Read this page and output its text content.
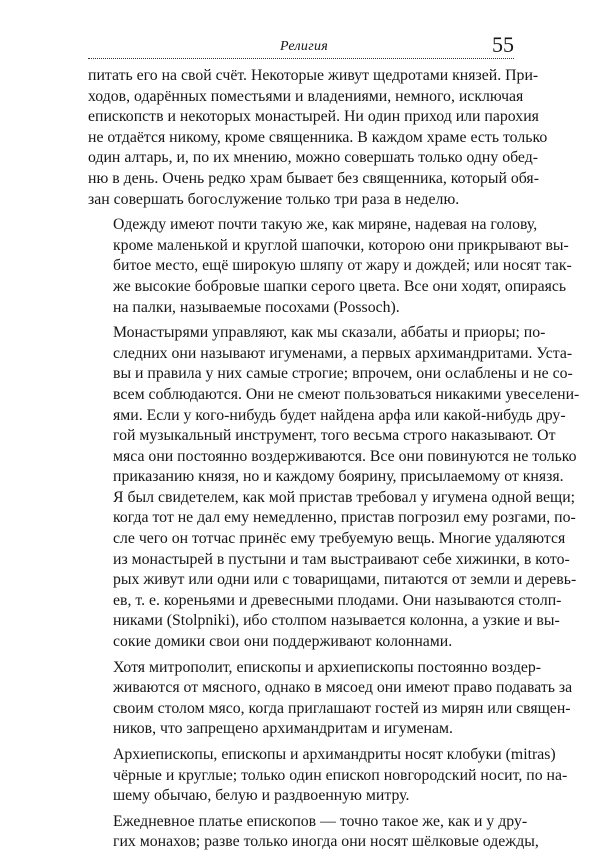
Религия	55
питать его на свой счёт. Некоторые живут щедротами князей. При-
ходов, одарённых поместьями и владениями, немного, исключая
епископств и некоторых монастырей. Ни один приход или парохия
не отдаётся никому, кроме священника. В каждом храме есть только
один алтарь, и, по их мнению, можно совершать только одну обед-
ню в день. Очень редко храм бывает без священника, который обя-
зан совершать богослужение только три раза в неделю.
Одежду имеют почти такую же, как миряне, надевая на голову,
кроме маленькой и круглой шапочки, которою они прикрывают вы-
битое место, ещё широкую шляпу от жару и дождей; или носят так-
же высокие бобровые шапки серого цвета. Все они ходят, опираясь
на палки, называемые посохами (Possoch).
Монастырями управляют, как мы сказали, аббаты и приоры; по-
следних они называют игуменами, а первых архимандритами. Уста-
вы и правила у них самые строгие; впрочем, они ослаблены и не со-
всем соблюдаются. Они не смеют пользоваться никакими увеселени-
ями. Если у кого-нибудь будет найдена арфа или какой-нибудь дру-
гой музыкальный инструмент, того весьма строго наказывают. От
мяса они постоянно воздерживаются. Все они повинуются не только
приказанию князя, но и каждому боярину, присылаемому от князя.
Я был свидетелем, как мой пристав требовал у игумена одной вещи;
когда тот не дал ему немедленно, пристав погрозил ему розгами, по-
сле чего он тотчас принёс ему требуемую вещь. Многие удаляются
из монастырей в пустыни и там выстраивают себе хижинки, в кото-
рых живут или одни или с товарищами, питаются от земли и деревь-
ев, т. е. кореньями и древесными плодами. Они называются столп-
никами (Stolpniki), ибо столпом называется колонна, а узкие и вы-
сокие домики свои они поддерживают колоннами.
Хотя митрополит, епископы и архиепископы постоянно воздер-
живаются от мясного, однако в мясоед они имеют право подавать за
своим столом мясо, когда приглашают гостей из мирян или священ-
ников, что запрещено архимандритам и игуменам.
Архиепископы, епископы и архимандриты носят клобуки (mitras)
чёрные и круглые; только один епископ новгородский носит, по на-
шему обычаю, белую и раздвоенную митру.
Ежедневное платье епископов — точно такое же, как и у дру-
гих монахов; разве только иногда они носят шёлковые одежды,
